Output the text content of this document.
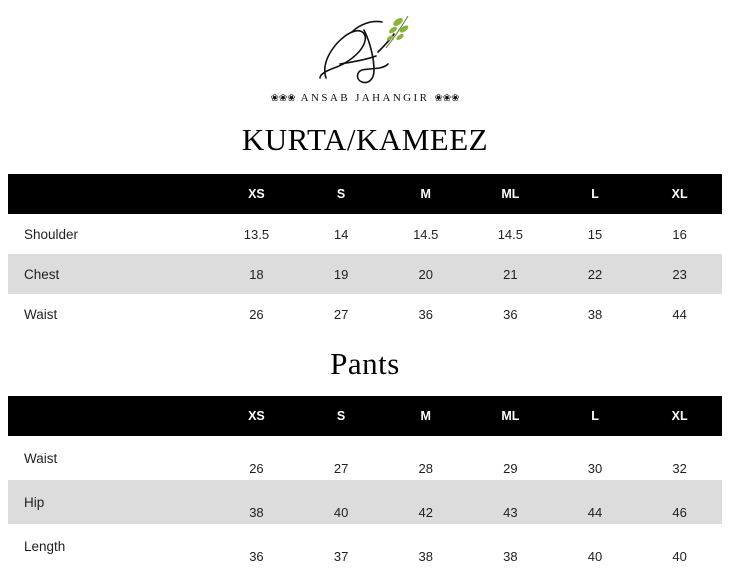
❀❀❀ ANSAB JAHANGIR ❀❀❀
KURTA/KAMEEZ
	XS	S	M	ML	L	XL
Shoulder	13.5	14	14.5	14.5	15	16
Chest	18	19	20	21	22	23
Waist	26	27	36	36	38	44
Pants
	XS	S	M	ML	L	XL
Waist	26	27	28	29	30	32
Hip	38	40	42	43	44	46
Length	36	37	38	38	40	40
